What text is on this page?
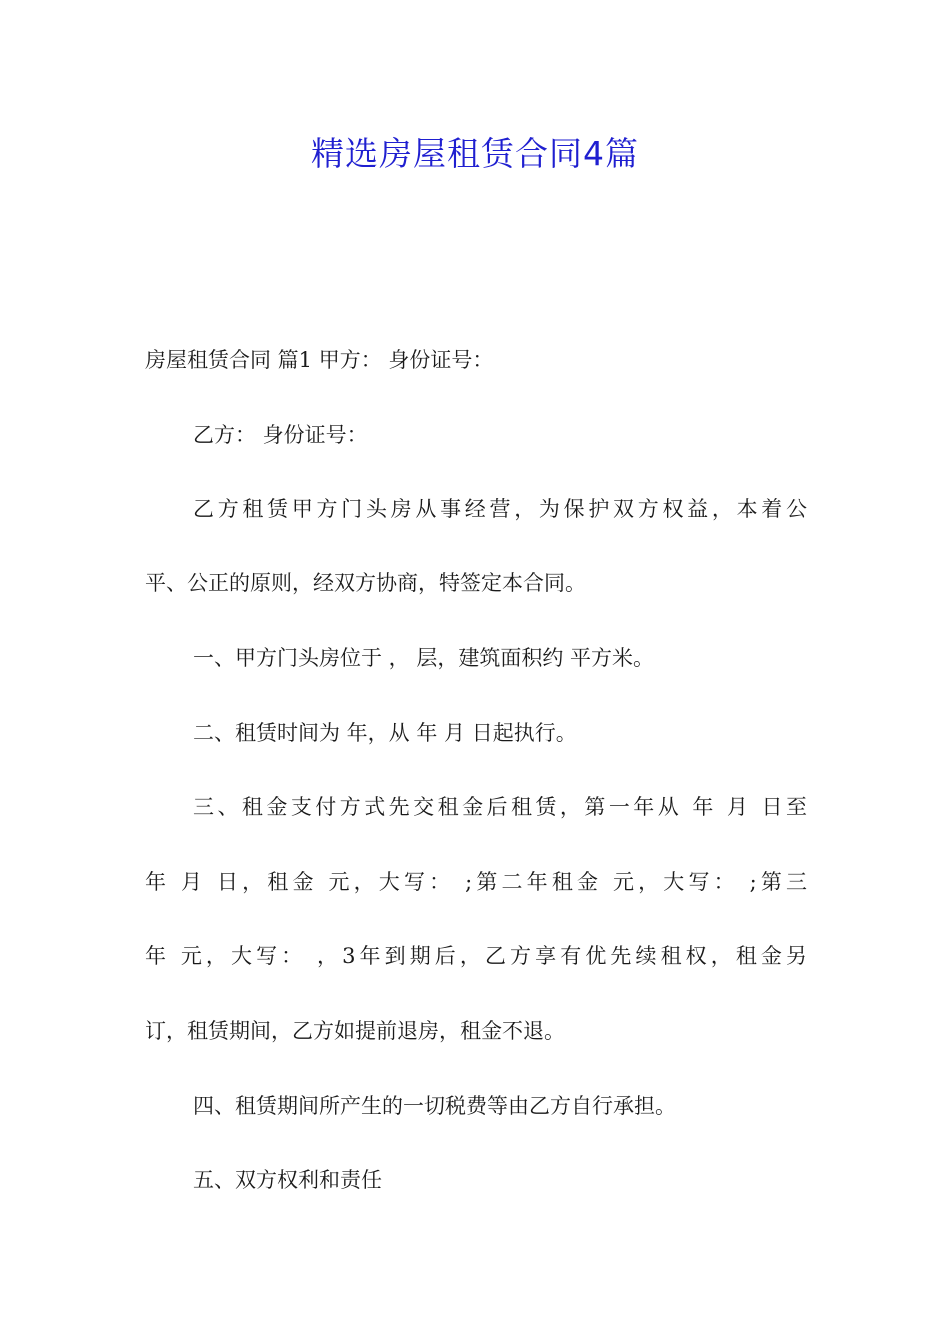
精选房屋租赁合同4篇
房屋租赁合同 篇1 甲方： 身份证号：
乙方： 身份证号：
乙方租赁甲方门头房从事经营，为保护双方权益，本着公
平、公正的原则，经双方协商，特签定本合同。
一、甲方门头房位于 ， 层，建筑面积约 平方米。
二、租赁时间为 年，从 年 月 日起执行。
三、租金支付方式先交租金后租赁，第一年从 年 月 日至
年 月 日，租金 元，大写： ;第二年租金 元，大写： ;第三
年 元，大写： ，3年到期后，乙方享有优先续租权，租金另
订，租赁期间，乙方如提前退房，租金不退。
四、租赁期间所产生的一切税费等由乙方自行承担。
五、双方权利和责任
